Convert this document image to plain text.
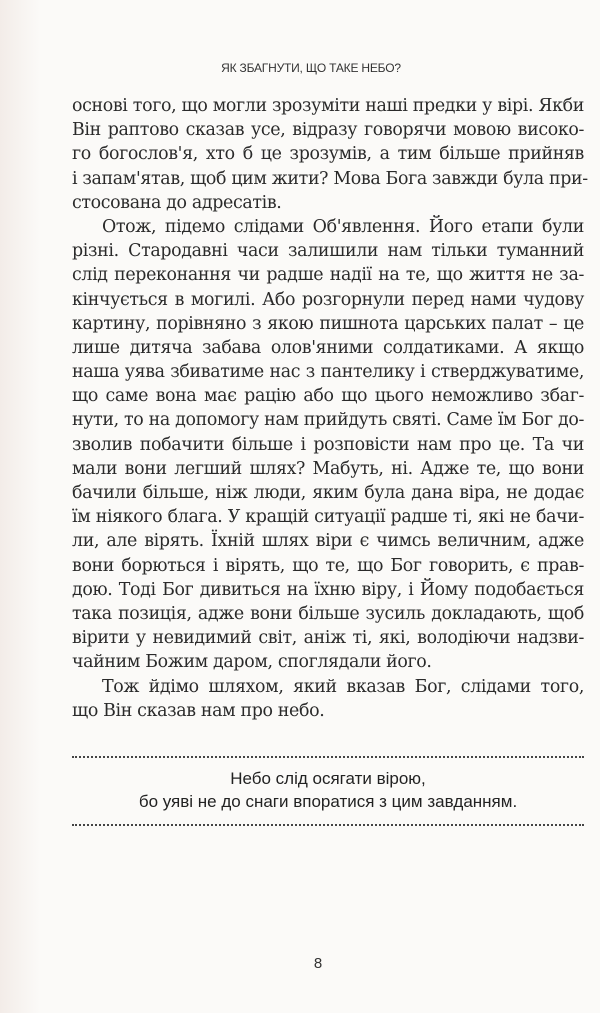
ЯК ЗБАГНУТИ, ЩО ТАКЕ НЕБО?
основі того, що могли зрозуміти наші предки у вірі. Якби
Він раптово сказав усе, відразу говорячи мовою високо-
го богослов'я, хто б це зрозумів, а тим більше прийняв
і запам'ятав, щоб цим жити? Мова Бога завжди була при-
стосована до адресатів.
Отож, підемо слідами Об'явлення. Його етапи були
різні. Стародавні часи залишили нам тільки туманний
слід переконання чи радше надії на те, що життя не за-
кінчується в могилі. Або розгорнули перед нами чудову
картину, порівняно з якою пишнота царських палат – це
лише дитяча забава олов'яними солдатиками. А якщо
наша уява збиватиме нас з пантелику і стверджуватиме,
що саме вона має рацію або що цього неможливо збаг-
нути, то на допомогу нам прийдуть святі. Саме їм Бог до-
зволив побачити більше і розповісти нам про це. Та чи
мали вони легший шлях? Мабуть, ні. Адже те, що вони
бачили більше, ніж люди, яким була дана віра, не додає
їм ніякого блага. У кращій ситуації радше ті, які не бачи-
ли, але вірять. Їхній шлях віри є чимсь величним, адже
вони борються і вірять, що те, що Бог говорить, є прав-
дою. Тоді Бог дивиться на їхню віру, і Йому подобається
така позиція, адже вони більше зусиль докладають, щоб
вірити у невидимий світ, аніж ті, які, володіючи надзви-
чайним Божим даром, споглядали його.
Тож йдімо шляхом, який вказав Бог, слідами того,
що Він сказав нам про небо.
Небо слід осягати вірою,
бо уяві не до снаги впоратися з цим завданням.
8
